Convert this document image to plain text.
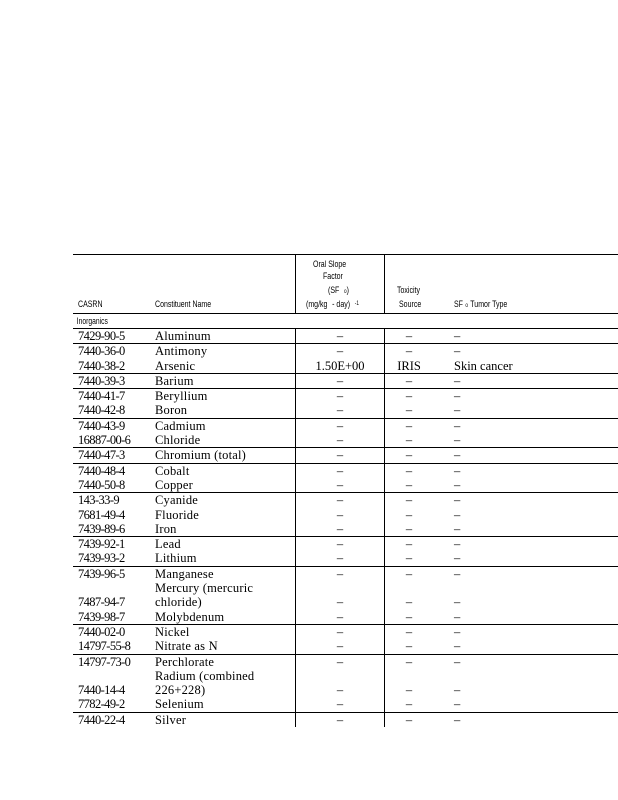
CASRN	Constituent Name
Oral Slope
Factor
(SF o)
(mg/kg - day) $^{-1}$
Toxicity
Source	SF o Tumor Type
Inorganics
7429-90-5 Aluminum	–	–	–
7440-36-0 Antimony	–	–	–
7440-38-2 Arsenic	1.50E+00	IRIS	Skin cancer
7440-39-3 Barium	–	–	–
7440-41-7 Beryllium	–	–	–
7440-42-8 Boron	–	–	–
7440-43-9 Cadmium	–	–	–
16887-00-6 Chloride	–	–	–
7440-47-3 Chromium (total)	–	–	–
7440-48-4 Cobalt	–	–	–
7440-50-8 Copper	–	–	–
143-33-9	Cyanide	–	–	–
7681-49-4 Fluoride	–	–	–
7439-89-6 Iron	–	–	–
7439-92-1 Lead	–	–	–
7439-93-2 Lithium	–	–	–
7439-96-5 Manganese	–	–	–
Mercury (mercuric
7487-94-7 chloride)	–	–	–
7439-98-7 Molybdenum	–	–	–
7440-02-0 Nickel	–	–	–
14797-55-8 Nitrate as N	–	–	–
14797-73-0 Perchlorate	–	–	–
Radium (combined
7440-14-4 226+228)	–	–	–
7782-49-2 Selenium	–	–	–
7440-22-4 Silver	–	–	–
